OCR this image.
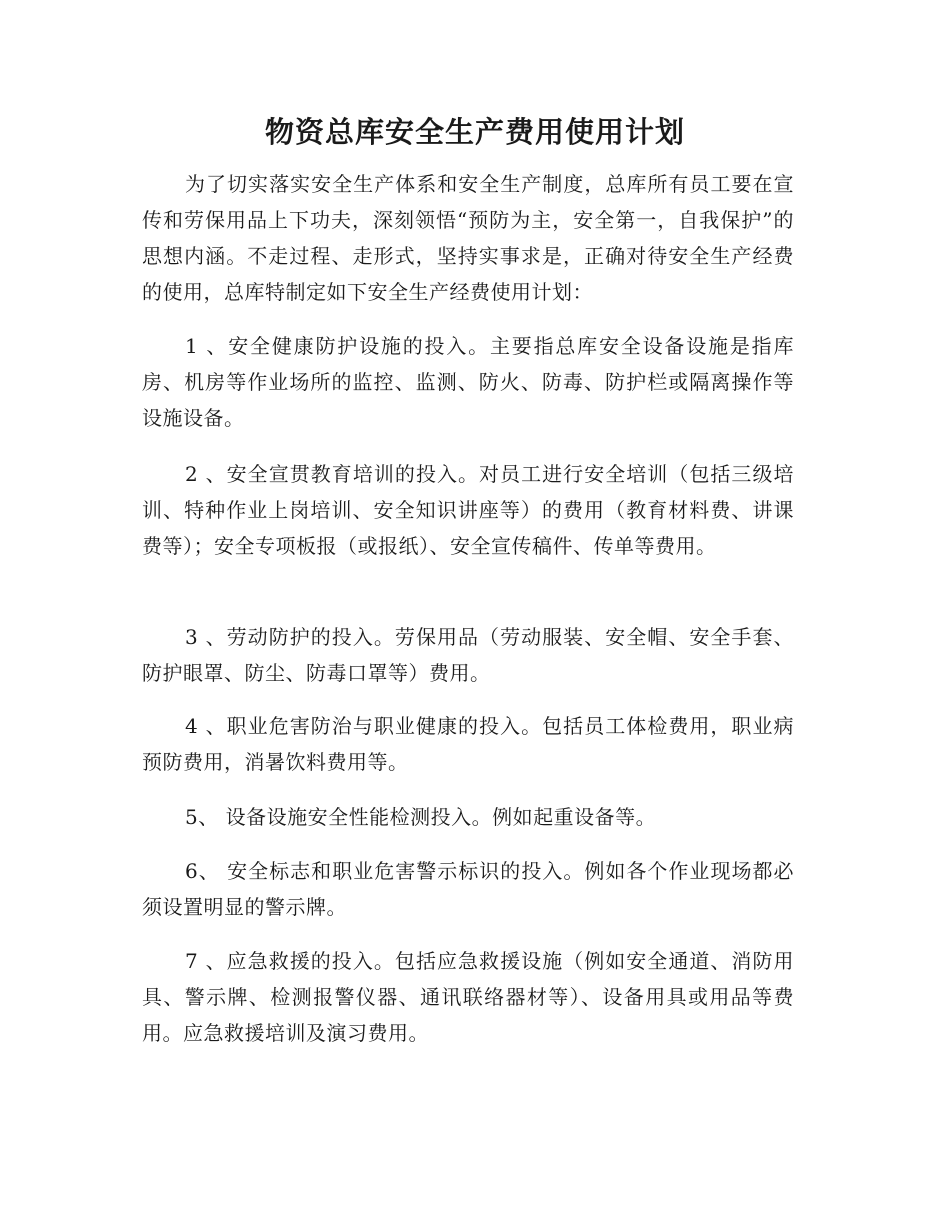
物资总库安全生产费用使用计划

为了切实落实安全生产体系和安全生产制度，总库所有员工要在宣传和劳保用品上下功夫，深刻领悟“预防为主，安全第一，自我保护”的思想内涵。不走过程、走形式，坚持实事求是，正确对待安全生产经费的使用，总库特制定如下安全生产经费使用计划：

1 、安全健康防护设施的投入。主要指总库安全设备设施是指库房、机房等作业场所的监控、监测、防火、防毒、防护栏或隔离操作等设施设备。

2 、安全宣贯教育培训的投入。对员工进行安全培训（包括三级培训、特种作业上岗培训、安全知识讲座等）的费用（教育材料费、讲课费等）；安全专项板报（或报纸）、安全宣传稿件、传单等费用。

3 、劳动防护的投入。劳保用品（劳动服装、安全帽、安全手套、防护眼罩、防尘、防毒口罩等）费用。

4 、职业危害防治与职业健康的投入。包括员工体检费用，职业病预防费用，消暑饮料费用等。

5、 设备设施安全性能检测投入。例如起重设备等。

6、 安全标志和职业危害警示标识的投入。例如各个作业现场都必须设置明显的警示牌。

7 、应急救援的投入。包括应急救援设施（例如安全通道、消防用具、警示牌、检测报警仪器、通讯联络器材等）、设备用具或用品等费用。应急救援培训及演习费用。
